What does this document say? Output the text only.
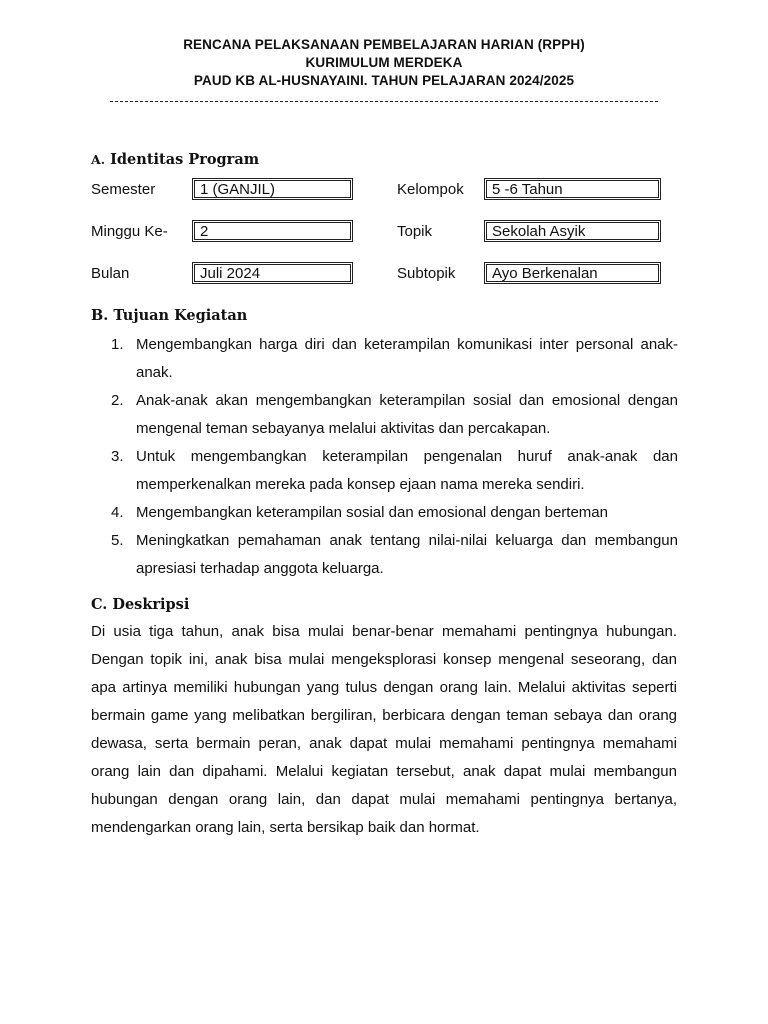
RENCANA PELAKSANAAN PEMBELAJARAN HARIAN (RPPH)
KURIMULUM MERDEKA
PAUD KB AL-HUSNAYAINI. TAHUN PELAJARAN 2024/2025
A. Identitas Program
Semester	1 (GANJIL)	Kelompok	5 -6 Tahun
Minggu Ke-	2	Topik	Sekolah Asyik
Bulan	Juli 2024	Subtopik	Ayo Berkenalan
B. Tujuan Kegiatan
1. Mengembangkan harga diri dan keterampilan komunikasi inter personal anak-anak.
2. Anak-anak akan mengembangkan keterampilan sosial dan emosional dengan mengenal teman sebayanya melalui aktivitas dan percakapan.
3. Untuk mengembangkan keterampilan pengenalan huruf anak-anak dan memperkenalkan mereka pada konsep ejaan nama mereka sendiri.
4. Mengembangkan keterampilan sosial dan emosional dengan berteman
5. Meningkatkan pemahaman anak tentang nilai-nilai keluarga dan membangun apresiasi terhadap anggota keluarga.
C. Deskripsi
Di usia tiga tahun, anak bisa mulai benar-benar memahami pentingnya hubungan. Dengan topik ini, anak bisa mulai mengeksplorasi konsep mengenal seseorang, dan apa artinya memiliki hubungan yang tulus dengan orang lain. Melalui aktivitas seperti bermain game yang melibatkan bergiliran, berbicara dengan teman sebaya dan orang dewasa, serta bermain peran, anak dapat mulai memahami pentingnya memahami orang lain dan dipahami. Melalui kegiatan tersebut, anak dapat mulai membangun hubungan dengan orang lain, dan dapat mulai memahami pentingnya bertanya, mendengarkan orang lain, serta bersikap baik dan hormat.
